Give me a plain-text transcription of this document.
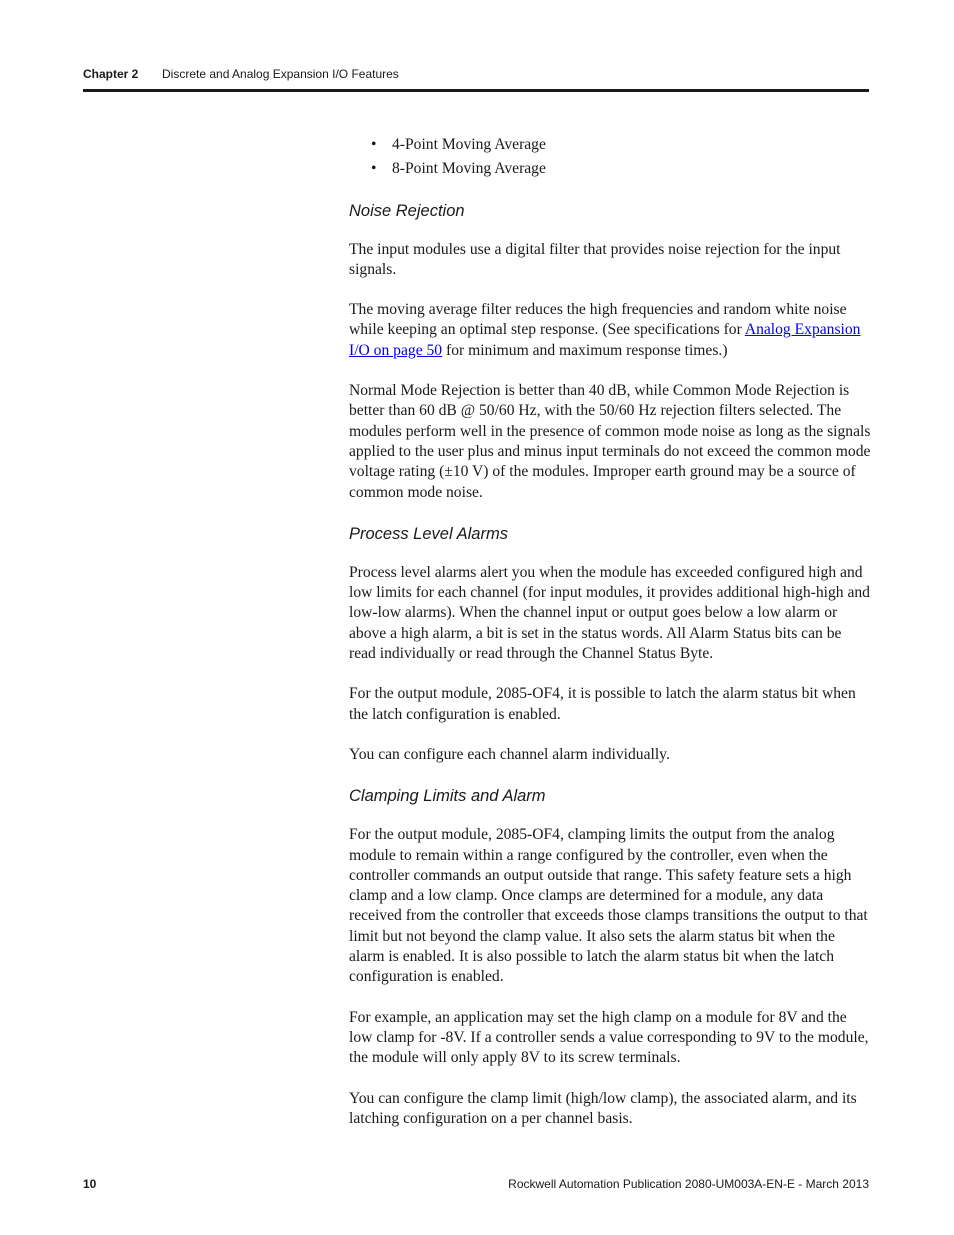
Chapter 2 Discrete and Analog Expansion I/O Features
• 4-Point Moving Average
• 8-Point Moving Average
Noise Rejection

The input modules use a digital filter that provides noise rejection for the input signals.

The moving average filter reduces the high frequencies and random white noise while keeping an optimal step response. (See specifications for Analog Expansion I/O on page 50 for minimum and maximum response times.)

Normal Mode Rejection is better than 40 dB, while Common Mode Rejection is better than 60 dB @ 50/60 Hz, with the 50/60 Hz rejection filters selected. The modules perform well in the presence of common mode noise as long as the signals applied to the user plus and minus input terminals do not exceed the common mode voltage rating (±10 V) of the modules. Improper earth ground may be a source of common mode noise.

Process Level Alarms

Process level alarms alert you when the module has exceeded configured high and low limits for each channel (for input modules, it provides additional high-high and low-low alarms). When the channel input or output goes below a low alarm or above a high alarm, a bit is set in the status words. All Alarm Status bits can be read individually or read through the Channel Status Byte.

For the output module, 2085-OF4, it is possible to latch the alarm status bit when the latch configuration is enabled.

You can configure each channel alarm individually.

Clamping Limits and Alarm

For the output module, 2085-OF4, clamping limits the output from the analog module to remain within a range configured by the controller, even when the controller commands an output outside that range. This safety feature sets a high clamp and a low clamp. Once clamps are determined for a module, any data received from the controller that exceeds those clamps transitions the output to that limit but not beyond the clamp value. It also sets the alarm status bit when the alarm is enabled. It is also possible to latch the alarm status bit when the latch configuration is enabled.

For example, an application may set the high clamp on a module for 8V and the low clamp for -8V. If a controller sends a value corresponding to 9V to the module, the module will only apply 8V to its screw terminals.

You can configure the clamp limit (high/low clamp), the associated alarm, and its latching configuration on a per channel basis.

10	Rockwell Automation Publication 2080-UM003A-EN-E - March 2013
